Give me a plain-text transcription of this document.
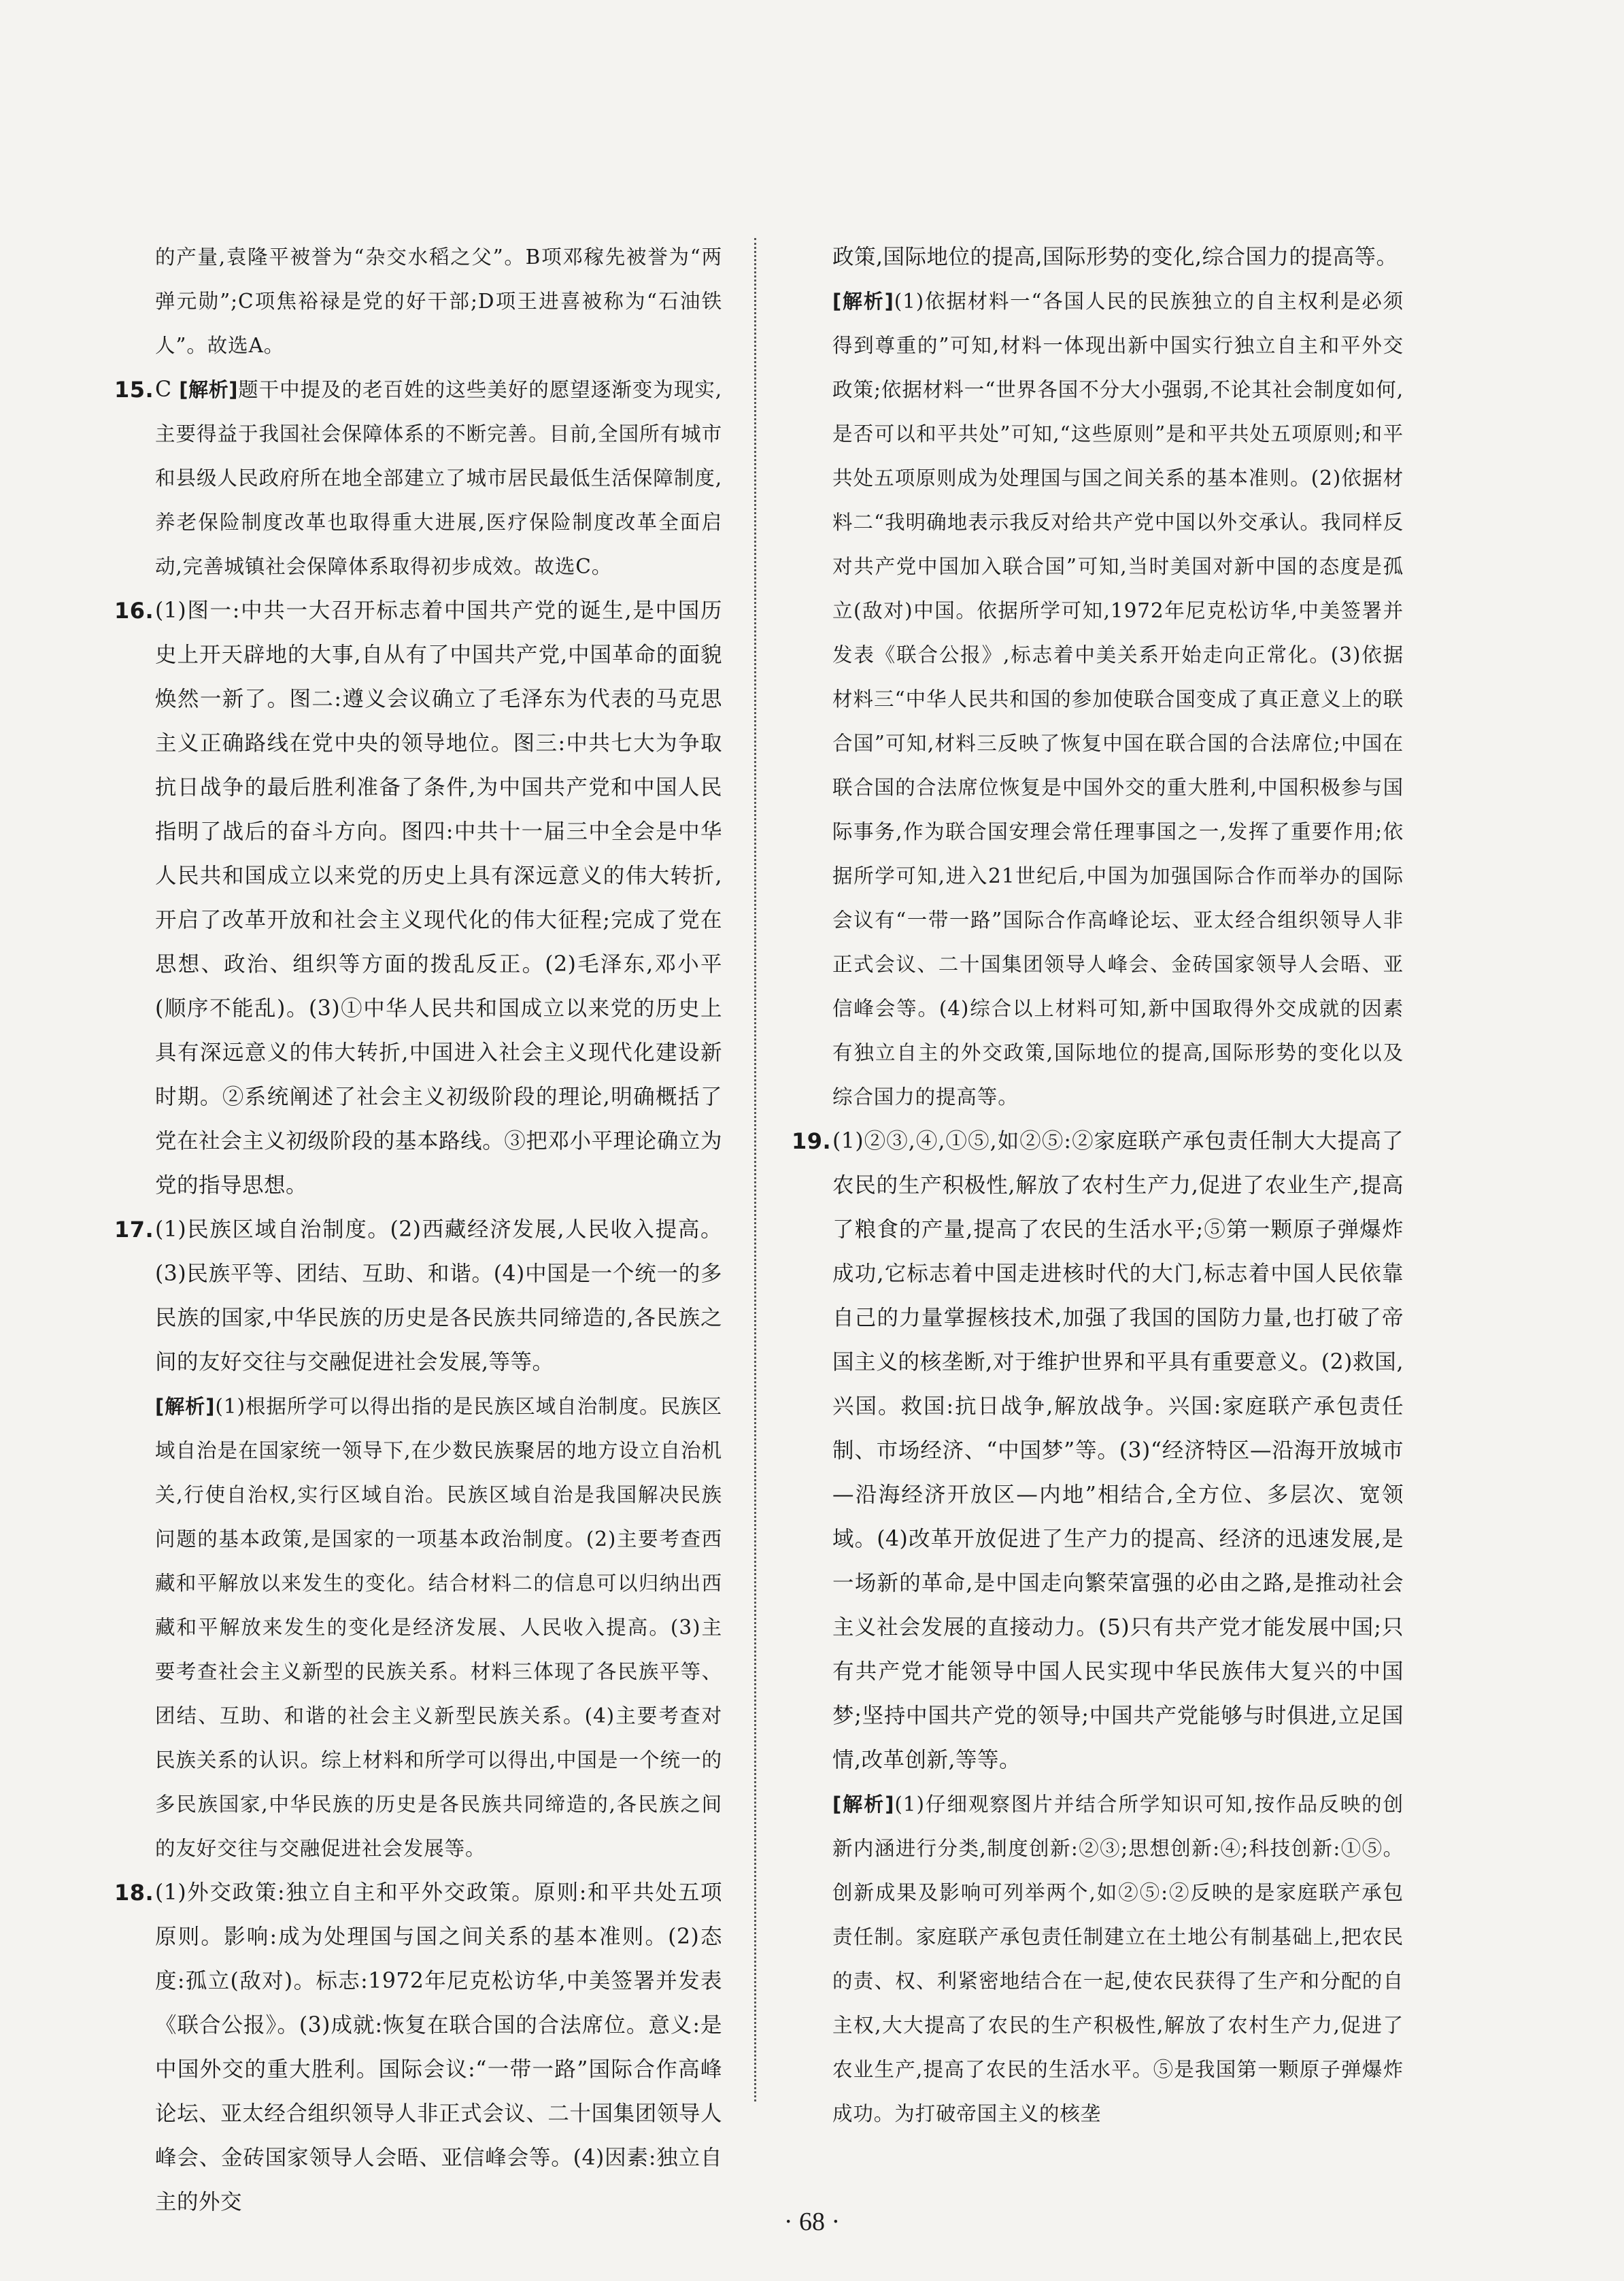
的产量,袁隆平被誉为“杂交水稻之父”。B项邓稼先被誉为“两弹元勋”;C项焦裕禄是党的好干部;D项王进喜被称为“石油铁人”。故选A。
15. C [解析]题干中提及的老百姓的这些美好的愿望逐渐变为现实,主要得益于我国社会保障体系的不断完善。目前,全国所有城市和县级人民政府所在地全部建立了城市居民最低生活保障制度,养老保险制度改革也取得重大进展,医疗保险制度改革全面启动,完善城镇社会保障体系取得初步成效。故选C。
16. (1)图一:中共一大召开标志着中国共产党的诞生,是中国历史上开天辟地的大事,自从有了中国共产党,中国革命的面貌焕然一新了。图二:遵义会议确立了毛泽东为代表的马克思主义正确路线在党中央的领导地位。图三:中共七大为争取抗日战争的最后胜利准备了条件,为中国共产党和中国人民指明了战后的奋斗方向。图四:中共十一届三中全会是中华人民共和国成立以来党的历史上具有深远意义的伟大转折,开启了改革开放和社会主义现代化的伟大征程;完成了党在思想、政治、组织等方面的拨乱反正。(2)毛泽东,邓小平(顺序不能乱)。(3)①中华人民共和国成立以来党的历史上具有深远意义的伟大转折,中国进入社会主义现代化建设新时期。②系统阐述了社会主义初级阶段的理论,明确概括了党在社会主义初级阶段的基本路线。③把邓小平理论确立为党的指导思想。
17. (1)民族区域自治制度。(2)西藏经济发展,人民收入提高。(3)民族平等、团结、互助、和谐。(4)中国是一个统一的多民族的国家,中华民族的历史是各民族共同缔造的,各民族之间的友好交往与交融促进社会发展,等等。
[解析](1)根据所学可以得出指的是民族区域自治制度。民族区域自治是在国家统一领导下,在少数民族聚居的地方设立自治机关,行使自治权,实行区域自治。民族区域自治是我国解决民族问题的基本政策,是国家的一项基本政治制度。(2)主要考查西藏和平解放以来发生的变化。结合材料二的信息可以归纳出西藏和平解放来发生的变化是经济发展、人民收入提高。(3)主要考查社会主义新型的民族关系。材料三体现了各民族平等、团结、互助、和谐的社会主义新型民族关系。(4)主要考查对民族关系的认识。综上材料和所学可以得出,中国是一个统一的多民族国家,中华民族的历史是各民族共同缔造的,各民族之间的友好交往与交融促进社会发展等。
18. (1)外交政策:独立自主和平外交政策。原则:和平共处五项原则。影响:成为处理国与国之间关系的基本准则。(2)态度:孤立(敌对)。标志:1972年尼克松访华,中美签署并发表《联合公报》。(3)成就:恢复在联合国的合法席位。意义:是中国外交的重大胜利。国际会议:“一带一路”国际合作高峰论坛、亚太经合组织领导人非正式会议、二十国集团领导人峰会、金砖国家领导人会晤、亚信峰会等。(4)因素:独立自主的外交
政策,国际地位的提高,国际形势的变化,综合国力的提高等。
[解析](1)依据材料一“各国人民的民族独立的自主权利是必须得到尊重的”可知,材料一体现出新中国实行独立自主和平外交政策;依据材料一“世界各国不分大小强弱,不论其社会制度如何,是否可以和平共处”可知,“这些原则”是和平共处五项原则;和平共处五项原则成为处理国与国之间关系的基本准则。(2)依据材料二“我明确地表示我反对给共产党中国以外交承认。我同样反对共产党中国加入联合国”可知,当时美国对新中国的态度是孤立(敌对)中国。依据所学可知,1972年尼克松访华,中美签署并发表《联合公报》,标志着中美关系开始走向正常化。(3)依据材料三“中华人民共和国的参加使联合国变成了真正意义上的联合国”可知,材料三反映了恢复中国在联合国的合法席位;中国在联合国的合法席位恢复是中国外交的重大胜利,中国积极参与国际事务,作为联合国安理会常任理事国之一,发挥了重要作用;依据所学可知,进入21世纪后,中国为加强国际合作而举办的国际会议有“一带一路”国际合作高峰论坛、亚太经合组织领导人非正式会议、二十国集团领导人峰会、金砖国家领导人会晤、亚信峰会等。(4)综合以上材料可知,新中国取得外交成就的因素有独立自主的外交政策,国际地位的提高,国际形势的变化以及综合国力的提高等。
19. (1)②③,④,①⑤,如②⑤:②家庭联产承包责任制大大提高了农民的生产积极性,解放了农村生产力,促进了农业生产,提高了粮食的产量,提高了农民的生活水平;⑤第一颗原子弹爆炸成功,它标志着中国走进核时代的大门,标志着中国人民依靠自己的力量掌握核技术,加强了我国的国防力量,也打破了帝国主义的核垄断,对于维护世界和平具有重要意义。(2)救国,兴国。救国:抗日战争,解放战争。兴国:家庭联产承包责任制、市场经济、“中国梦”等。(3)“经济特区—沿海开放城市—沿海经济开放区—内地”相结合,全方位、多层次、宽领域。(4)改革开放促进了生产力的提高、经济的迅速发展,是一场新的革命,是中国走向繁荣富强的必由之路,是推动社会主义社会发展的直接动力。(5)只有共产党才能发展中国;只有共产党才能领导中国人民实现中华民族伟大复兴的中国梦;坚持中国共产党的领导;中国共产党能够与时俱进,立足国情,改革创新,等等。
[解析](1)仔细观察图片并结合所学知识可知,按作品反映的创新内涵进行分类,制度创新:②③;思想创新:④;科技创新:①⑤。创新成果及影响可列举两个,如②⑤:②反映的是家庭联产承包责任制。家庭联产承包责任制建立在土地公有制基础上,把农民的责、权、利紧密地结合在一起,使农民获得了生产和分配的自主权,大大提高了农民的生产积极性,解放了农村生产力,促进了农业生产,提高了农民的生活水平。⑤是我国第一颗原子弹爆炸成功。为打破帝国主义的核垄
· 68 ·
